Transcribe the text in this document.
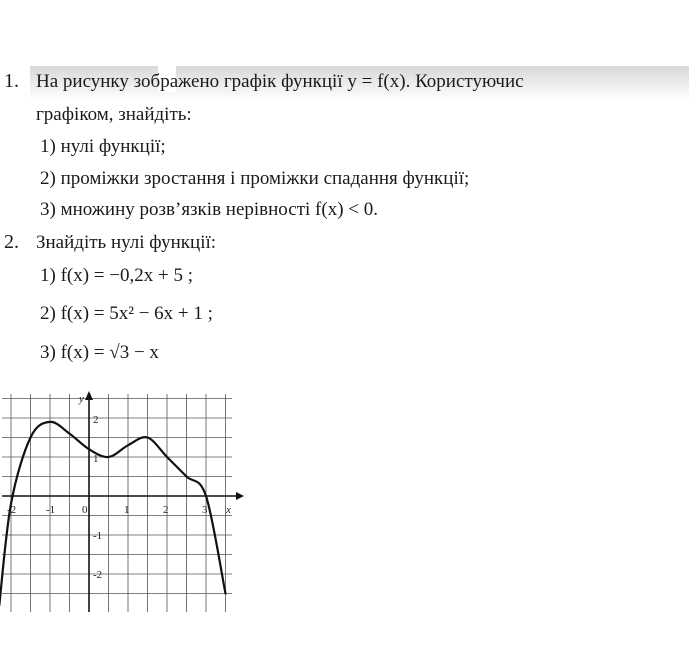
1. На рисунку зображено графік функції y = f(x). Користуючис
графіком, знайдіть:
1) нулі функції;
2) проміжки зростання і проміжки спадання функції;
3) множину розв’язків нерівності f(x) < 0.
2. Знайдіть нулі функції:
1) f(x) = −0,2x + 5 ;
2) f(x) = 5x² − 6x + 1 ;
3) f(x) = √3 − x
-2	-1	1	2	3
2
1
-1
-2
0
y
x
